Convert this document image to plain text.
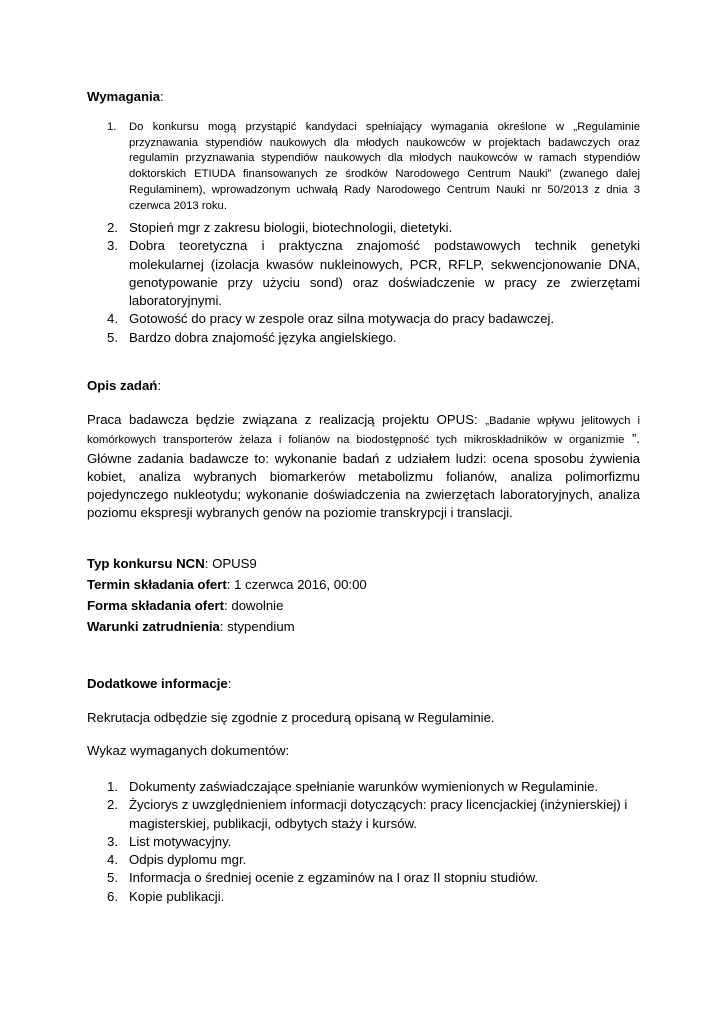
Wymagania:
1. Do konkursu mogą przystąpić kandydaci spełniający wymagania określone w „Regulaminie przyznawania stypendiów naukowych dla młodych naukowców w projektach badawczych oraz regulamin przyznawania stypendiów naukowych dla młodych naukowców w ramach stypendiów doktorskich ETIUDA finansowanych ze środków Narodowego Centrum Nauki” (zwanego dalej Regulaminem), wprowadzonym uchwałą Rady Narodowego Centrum Nauki nr 50/2013 z dnia 3 czerwca 2013 roku.
2. Stopień mgr z zakresu biologii, biotechnologii, dietetyki.
3. Dobra teoretyczna i praktyczna znajomość podstawowych technik genetyki molekularnej (izolacja kwasów nukleinowych, PCR, RFLP, sekwencjonowanie DNA, genotypowanie przy użyciu sond) oraz doświadczenie w pracy ze zwierzętami laboratoryjnymi.
4. Gotowość do pracy w zespole oraz silna motywacja do pracy badawczej.
5. Bardzo dobra znajomość języka angielskiego.
Opis zadań:
Praca badawcza będzie związana z realizacją projektu OPUS: „Badanie wpływu jelitowych i komórkowych transporterów żelaza i folianów na biodostępność tych mikroskładników w organizmie ”. Główne zadania badawcze to: wykonanie badań z udziałem ludzi: ocena sposobu żywienia kobiet, analiza wybranych biomarkerów metabolizmu folianów, analiza polimorfizmu pojedynczego nukleotydu; wykonanie doświadczenia na zwierzętach laboratoryjnych, analiza poziomu ekspresji wybranych genów na poziomie transkrypcji i translacji.
Typ konkursu NCN: OPUS9
Termin składania ofert: 1 czerwca 2016, 00:00
Forma składania ofert: dowolnie
Warunki zatrudnienia: stypendium
Dodatkowe informacje:
Rekrutacja odbędzie się zgodnie z procedurą opisaną w Regulaminie.
Wykaz wymaganych dokumentów:
1. Dokumenty zaświadczające spełnianie warunków wymienionych w Regulaminie.
2. Życiorys z uwzględnieniem informacji dotyczących: pracy licencjackiej (inżynierskiej) i magisterskiej, publikacji, odbytych staży i kursów.
3. List motywacyjny.
4. Odpis dyplomu mgr.
5. Informacja o średniej ocenie z egzaminów na I oraz II stopniu studiów.
6. Kopie publikacji.
